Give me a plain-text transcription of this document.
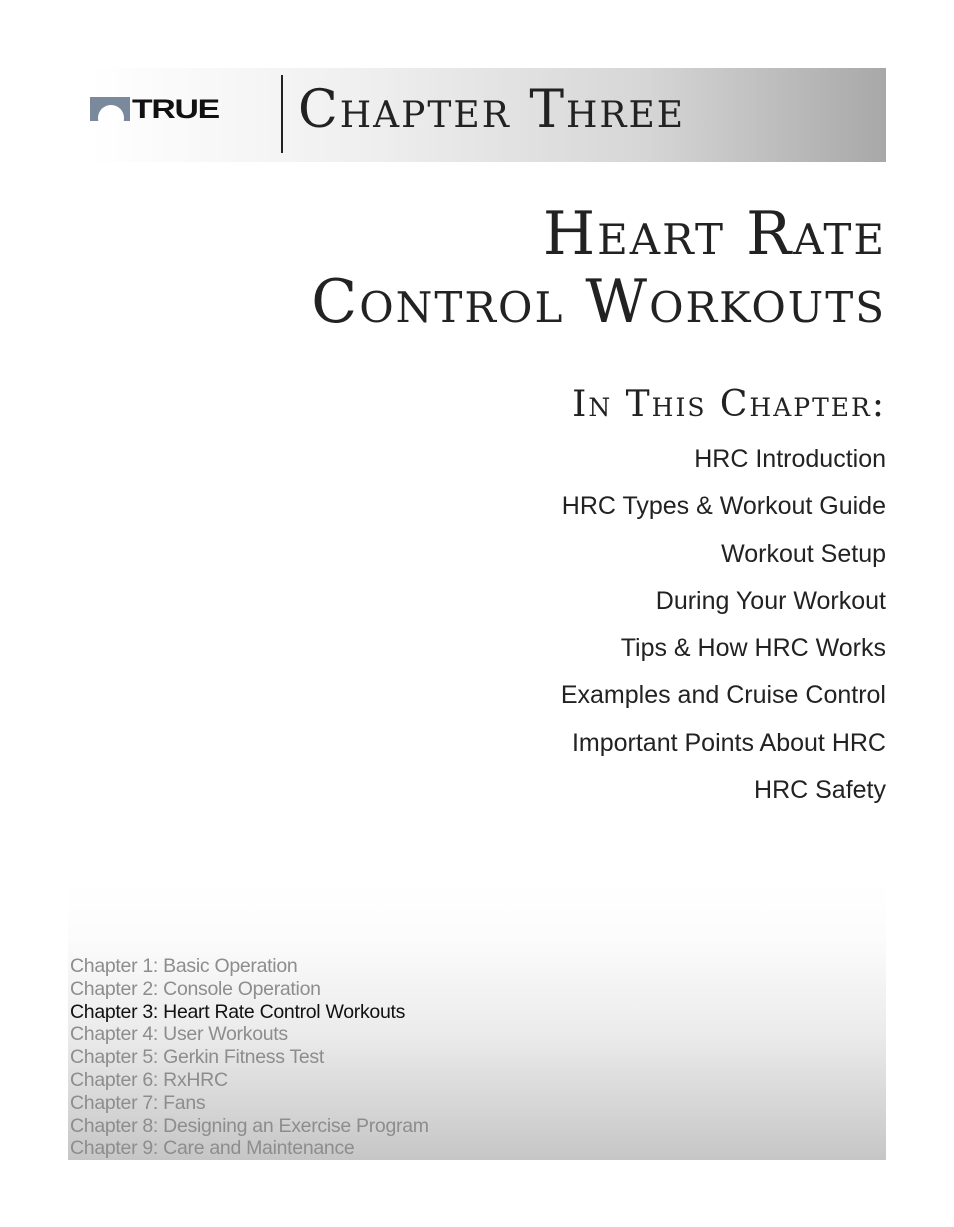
TRUE Chapter Three
Heart Rate
Control Workouts
In This Chapter:
HRC Introduction
HRC Types & Workout Guide
Workout Setup
During Your Workout
Tips & How HRC Works
Examples and Cruise Control
Important Points About HRC
HRC Safety
Chapter 1: Basic Operation
Chapter 2: Console Operation
Chapter 3: Heart Rate Control Workouts
Chapter 4: User Workouts
Chapter 5: Gerkin Fitness Test
Chapter 6: RxHRC
Chapter 7: Fans
Chapter 8: Designing an Exercise Program
Chapter 9: Care and Maintenance
